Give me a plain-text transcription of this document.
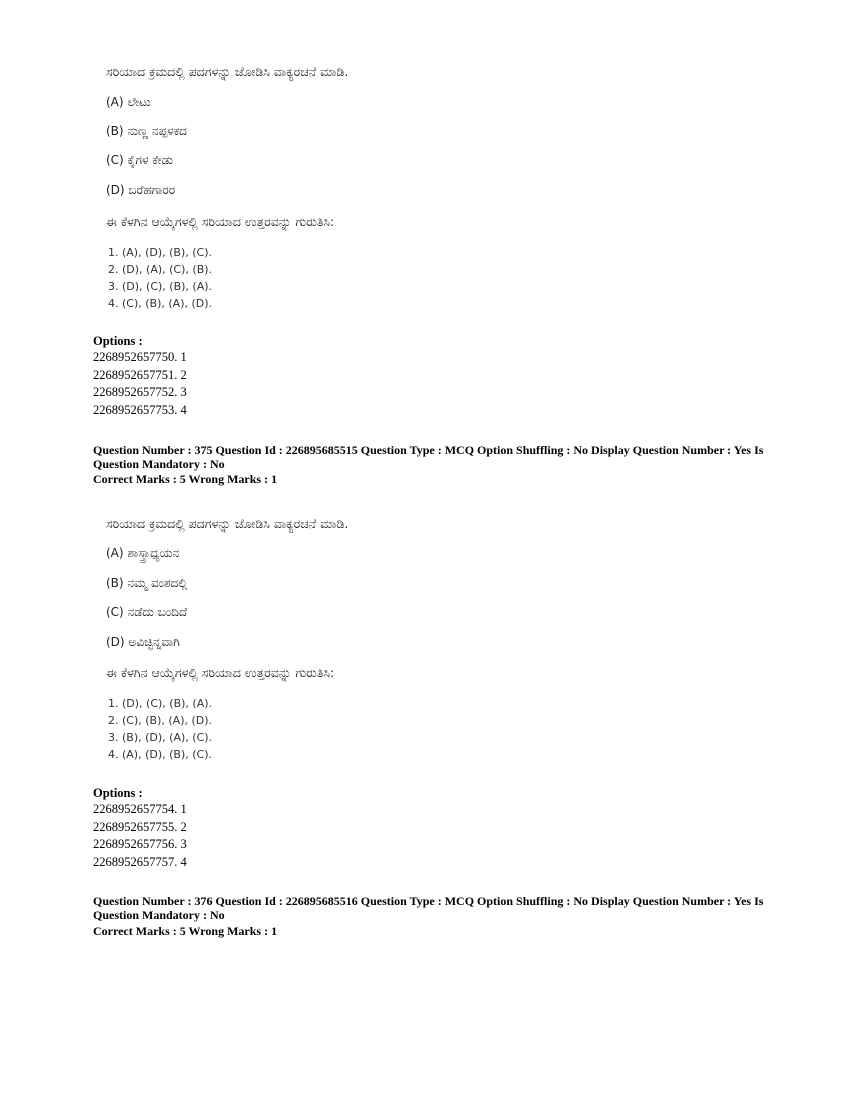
ಸರಿಯಾದ ಕ್ರಮದಲ್ಲಿ ಪದಗಳನ್ನು ಜೋಡಿಸಿ ವಾಕ್ಯರಚನೆ ಮಾಡಿ.
(A) ಲೇಟು
(B) ನುಣ್ಣ ನಪ್ಪಳಕದ
(C) ಕೈಗಳ ಕೇಡು
(D) ಬರೆಹಗಾರರ
ಈ ಕೆಳಗಿನ ಆಯ್ಕೆಗಳಲ್ಲಿ ಸರಿಯಾದ ಉತ್ತರವನ್ನು ಗುರುತಿಸಿ:
1. (A), (D), (B), (C).
2. (D), (A), (C), (B).
3. (D), (C), (B), (A).
4. (C), (B), (A), (D).
Options :
2268952657750. 1
2268952657751. 2
2268952657752. 3
2268952657753. 4
Question Number : 375 Question Id : 226895685515 Question Type : MCQ Option Shuffling : No Display Question Number : Yes Is Question Mandatory : No
Correct Marks : 5 Wrong Marks : 1
ಸರಿಯಾದ ಕ್ರಮದಲ್ಲಿ ಪದಗಳನ್ನು ಜೋಡಿಸಿ ವಾಕ್ಯರಚನೆ ಮಾಡಿ.
(A) ಶಾಸ್ತ್ರಾಧ್ಯಯನ
(B) ನಮ್ಮ ವಂಶದಲ್ಲಿ
(C) ನಡೆದು ಬಂದಿದೆ
(D) ಅವಿಚ್ಛಿನ್ನವಾಗಿ
ಈ ಕೆಳಗಿನ ಆಯ್ಕೆಗಳಲ್ಲಿ ಸರಿಯಾದ ಉತ್ತರವನ್ನು ಗುರುತಿಸಿ:
1. (D), (C), (B), (A).
2. (C), (B), (A), (D).
3. (B), (D), (A), (C).
4. (A), (D), (B), (C).
Options :
2268952657754. 1
2268952657755. 2
2268952657756. 3
2268952657757. 4
Question Number : 376 Question Id : 226895685516 Question Type : MCQ Option Shuffling : No Display Question Number : Yes Is Question Mandatory : No
Correct Marks : 5 Wrong Marks : 1
